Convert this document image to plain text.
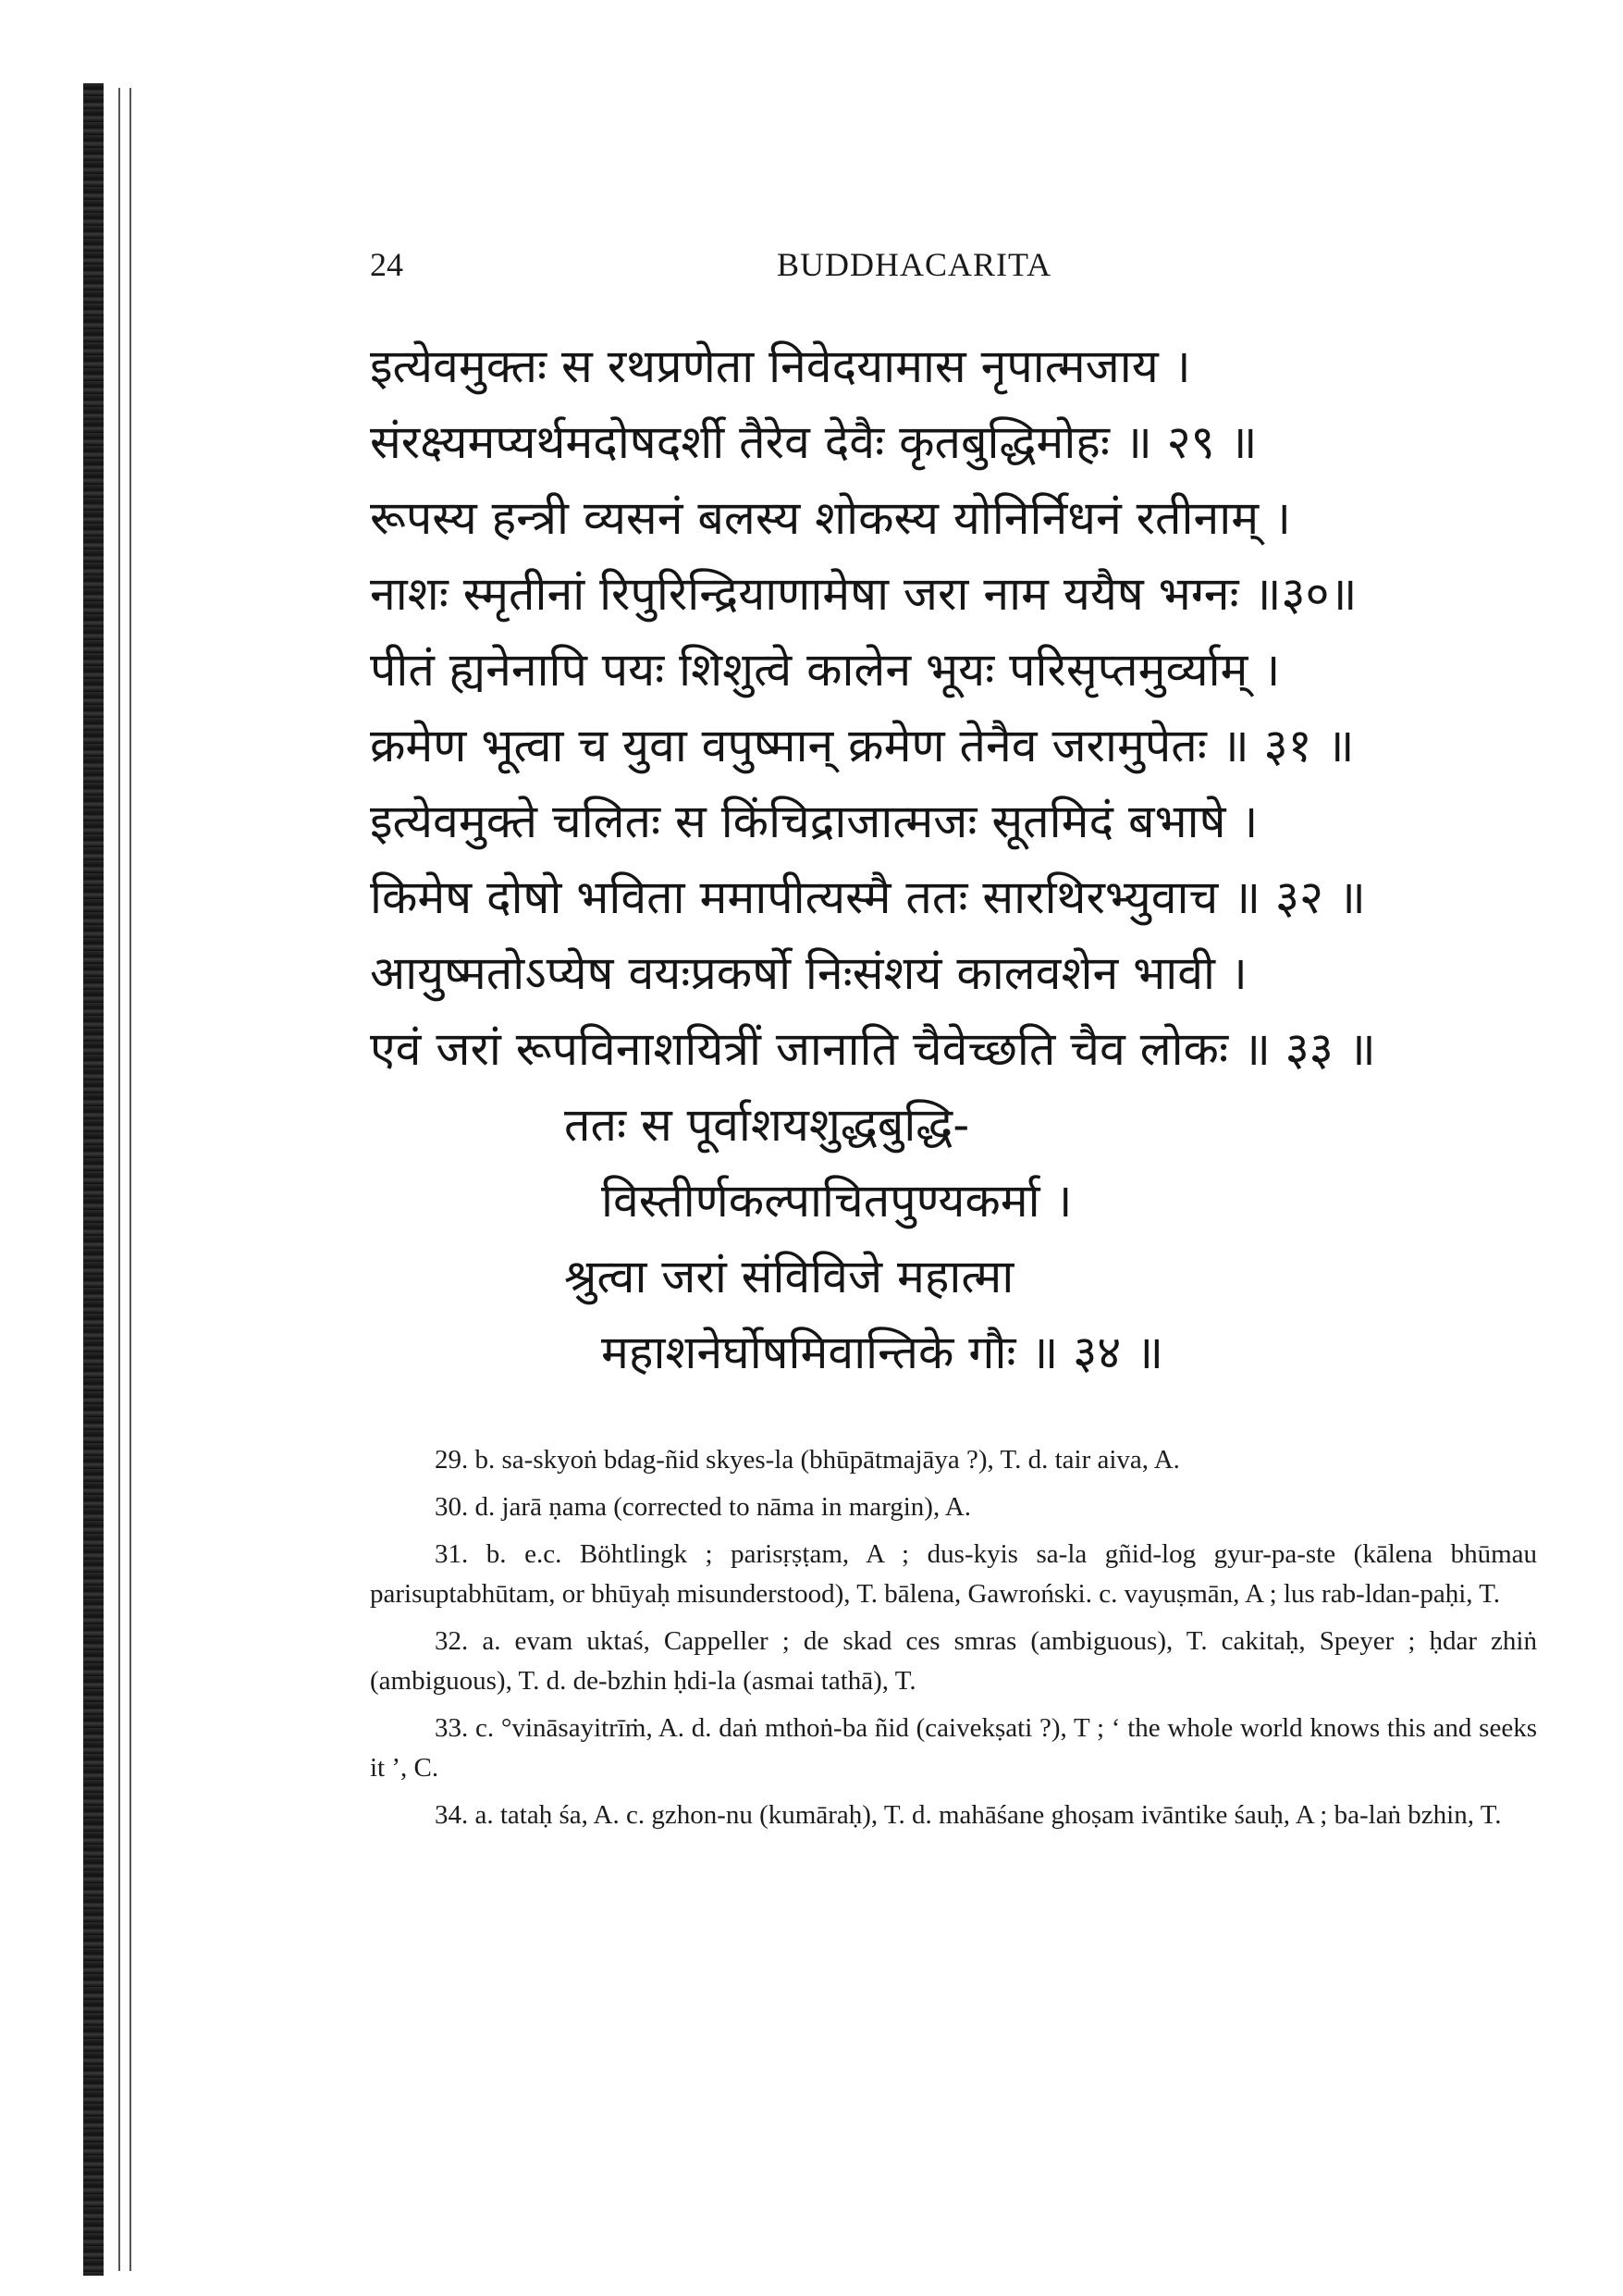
24	BUDDHACARITA
इत्येवमुक्तः स रथप्रणेता निवेदयामास नृपात्मजाय ।
संरक्ष्यमप्यर्थमदोषदर्शी तैरेव देवैः कृतबुद्धिमोहः ॥ २९ ॥
रूपस्य हन्त्री व्यसनं बलस्य शोकस्य योनिर्निधनं रतीनाम् ।
नाशः स्मृतीनां रिपुरिन्द्रियाणामेषा जरा नाम ययैष भग्नः ॥३०॥
पीतं ह्यनेनापि पयः शिशुत्वे कालेन भूयः परिसृप्तमुर्व्याम् ।
क्रमेण भूत्वा च युवा वपुष्मान् क्रमेण तेनैव जरामुपेतः ॥ ३१ ॥
इत्येवमुक्ते चलितः स किंचिद्राजात्मजः सूतमिदं बभाषे ।
किमेष दोषो भविता ममापीत्यस्मै ततः सारथिरभ्युवाच ॥ ३२ ॥
आयुष्मतोऽप्येष वयःप्रकर्षो निःसंशयं कालवशेन भावी ।
एवं जरां रूपविनाशयित्रीं जानाति चैवेच्छति चैव लोकः ॥ ३३ ॥
ततः स पूर्वाशयशुद्धबुद्धि-
विस्तीर्णकल्पाचितपुण्यकर्मा ।
श्रुत्वा जरां संविविजे महात्मा
महाशनेर्घोषमिवान्तिके गौः ॥ ३४ ॥

29. b. sa-skyoṅ bdag-ñid skyes-la (bhūpātmajāya ?), T. d. tair aiva, A.

30. d. jarā ṇama (corrected to nāma in margin), A.

31. b. e.c. Böhtlingk ; parisṛṣṭam, A ; dus-kyis sa-la gñid-log gyur-pa-ste (kālena bhūmau parisuptabhūtam, or bhūyaḥ misunderstood), T. bālena, Gawroński. c. vayuṣmān, A ; lus rab-ldan-paḥi, T.

32. a. evam uktaś, Cappeller ; de skad ces smras (ambiguous), T. cakitaḥ, Speyer ; ḥdar zhiṅ (ambiguous), T. d. de-bzhin ḥdi-la (asmai tathā), T.

33. c. °vināsayitrīṁ, A. d. daṅ mthoṅ-ba ñid (caivekṣati ?), T ; ‘ the whole world knows this and seeks it ’, C.

34. a. tataḥ śa, A. c. gzhon-nu (kumāraḥ), T. d. mahāśane ghoṣam ivāntike śauḥ, A ; ba-laṅ bzhin, T.
